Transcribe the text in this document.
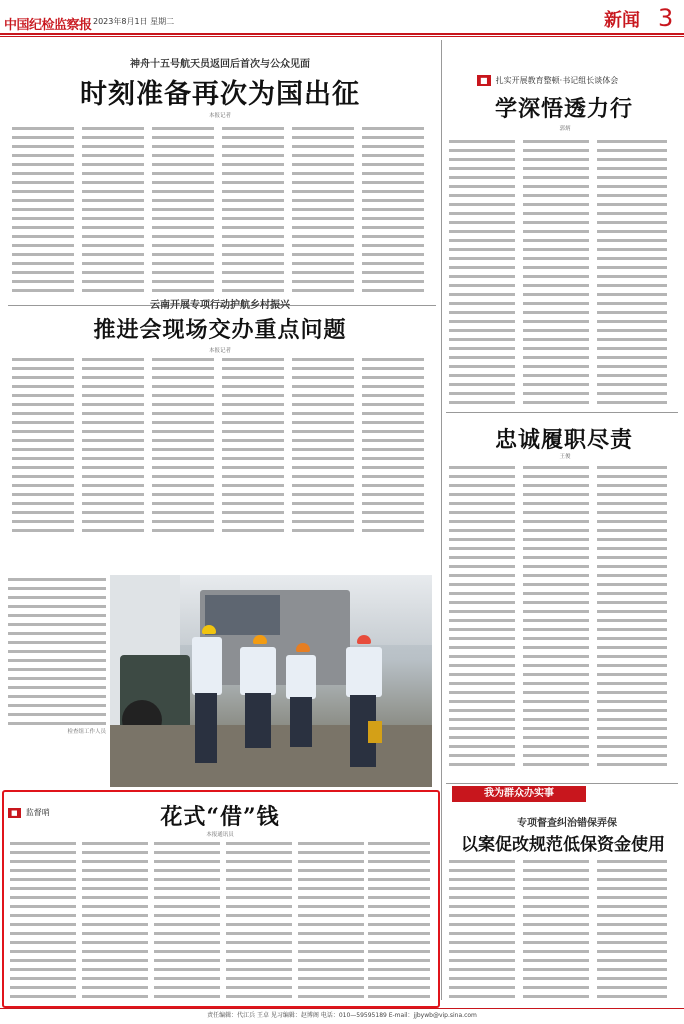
中国纪检监察报 2023年8月1日 星期二	新闻 3
神舟十五号航天员返回后首次与公众见面
时刻准备再次为国出征
本报记者
云南开展专项行动护航乡村振兴
推进会现场交办重点问题
本报记者
检查组工作人员
■ 扎实开展教育整顿·书记组长谈体会
学深悟透力行
郭炳
忠诚履职尽责
王俊
■ 监督哨	花式“借”钱
本报通讯员
我为群众办实事
专项督查纠治错保弄保
以案促改规范低保资金使用
责任编辑：代江兵 王卓 见习编辑：赵博阁 电话：010—59595189 E-mail：jjbywb@vip.sina.com
